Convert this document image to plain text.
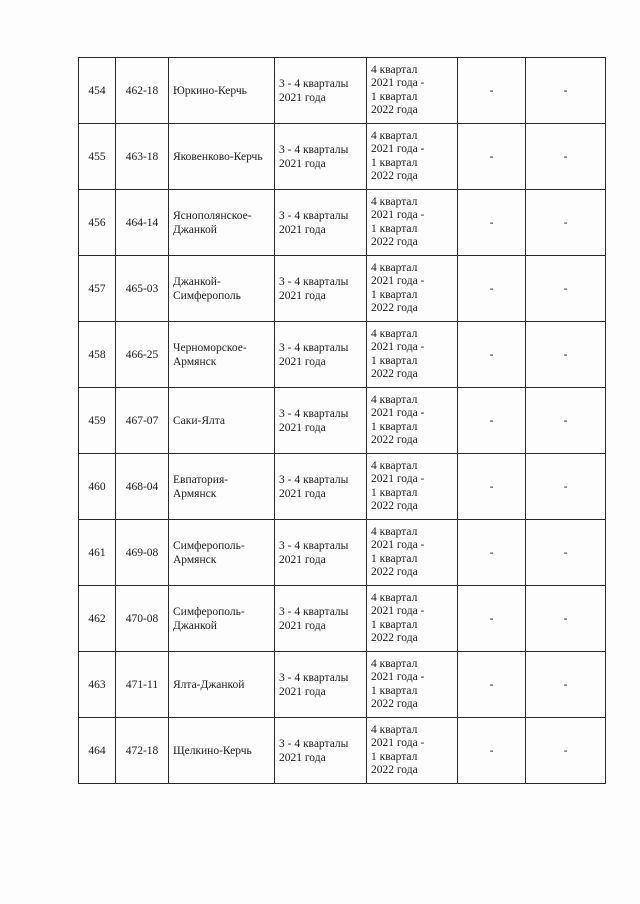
454	462-18	Юркино-Керчь	3 - 4 кварталы 2021 года	4 квартал
2021 года -
1 квартал
2022 года	-	-
455	463-18	Яковенково-Керчь	3 - 4 кварталы 2021 года	4 квартал
2021 года -
1 квартал
2022 года	-	-
456	464-14	Яснополянское-Джанкой	3 - 4 кварталы 2021 года	4 квартал
2021 года -
1 квартал
2022 года	-	-
457	465-03	Джанкой-Симферополь	3 - 4 кварталы 2021 года	4 квартал
2021 года -
1 квартал
2022 года	-	-
458	466-25	Черноморское-Армянск	3 - 4 кварталы 2021 года	4 квартал
2021 года -
1 квартал
2022 года	-	-
459	467-07	Саки-Ялта	3 - 4 кварталы 2021 года	4 квартал
2021 года -
1 квартал
2022 года	-	-
460	468-04	Евпатория-Армянск	3 - 4 кварталы 2021 года	4 квартал
2021 года -
1 квартал
2022 года	-	-
461	469-08	Симферополь-Армянск	3 - 4 кварталы 2021 года	4 квартал
2021 года -
1 квартал
2022 года	-	-
462	470-08	Симферополь-Джанкой	3 - 4 кварталы 2021 года	4 квартал
2021 года -
1 квартал
2022 года	-	-
463	471-11	Ялта-Джанкой	3 - 4 кварталы 2021 года	4 квартал
2021 года -
1 квартал
2022 года	-	-
464	472-18	Щелкино-Керчь	3 - 4 кварталы 2021 года	4 квартал
2021 года -
1 квартал
2022 года	-	-
